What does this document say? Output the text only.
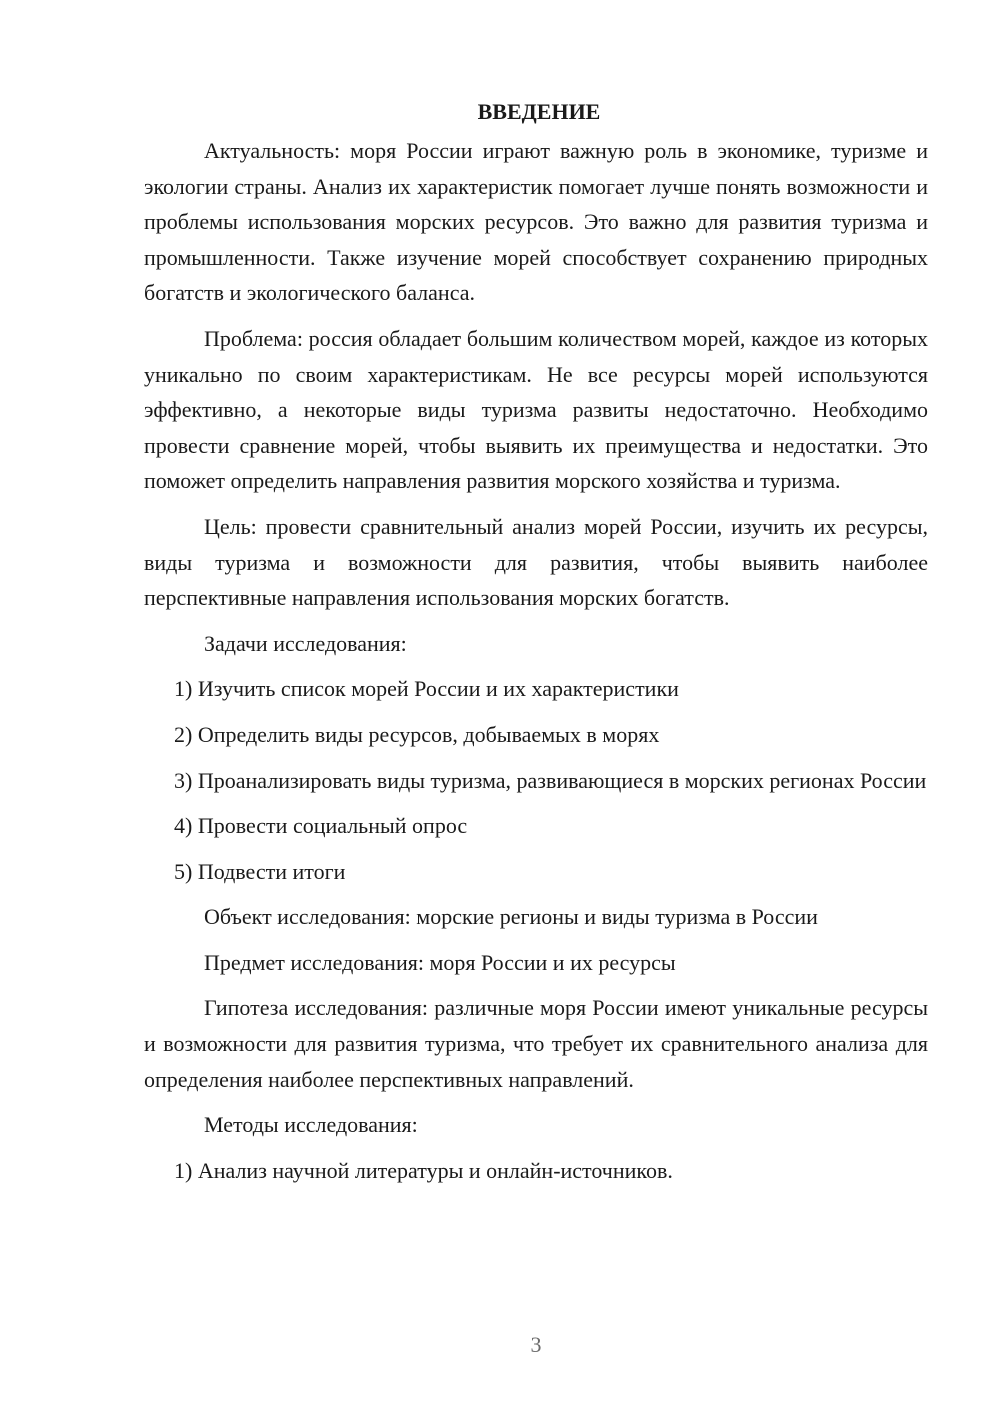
ВВЕДЕНИЕ

Актуальность: моря России играют важную роль в экономике, туризме и экологии страны. Анализ их характеристик помогает лучше понять возможности и проблемы использования морских ресурсов. Это важно для развития туризма и промышленности. Также изучение морей способствует сохранению природных богатств и экологического баланса.

Проблема: россия обладает большим количеством морей, каждое из которых уникально по своим характеристикам. Не все ресурсы морей используются эффективно, а некоторые виды туризма развиты недостаточно. Необходимо провести сравнение морей, чтобы выявить их преимущества и недостатки. Это поможет определить направления развития морского хозяйства и туризма.

Цель: провести сравнительный анализ морей России, изучить их ресурсы, виды туризма и возможности для развития, чтобы выявить наиболее перспективные направления использования морских богатств.

Задачи исследования:

1) Изучить список морей России и их характеристики

2) Определить виды ресурсов, добываемых в морях

3) Проанализировать виды туризма, развивающиеся в морских регионах России

4) Провести социальный опрос

5) Подвести итоги

Объект исследования: морские регионы и виды туризма в России

Предмет исследования: моря России и их ресурсы

Гипотеза исследования: различные моря России имеют уникальные ресурсы и возможности для развития туризма, что требует их сравнительного анализа для определения наиболее перспективных направлений.

Методы исследования:

1) Анализ научной литературы и онлайн-источников.

3
